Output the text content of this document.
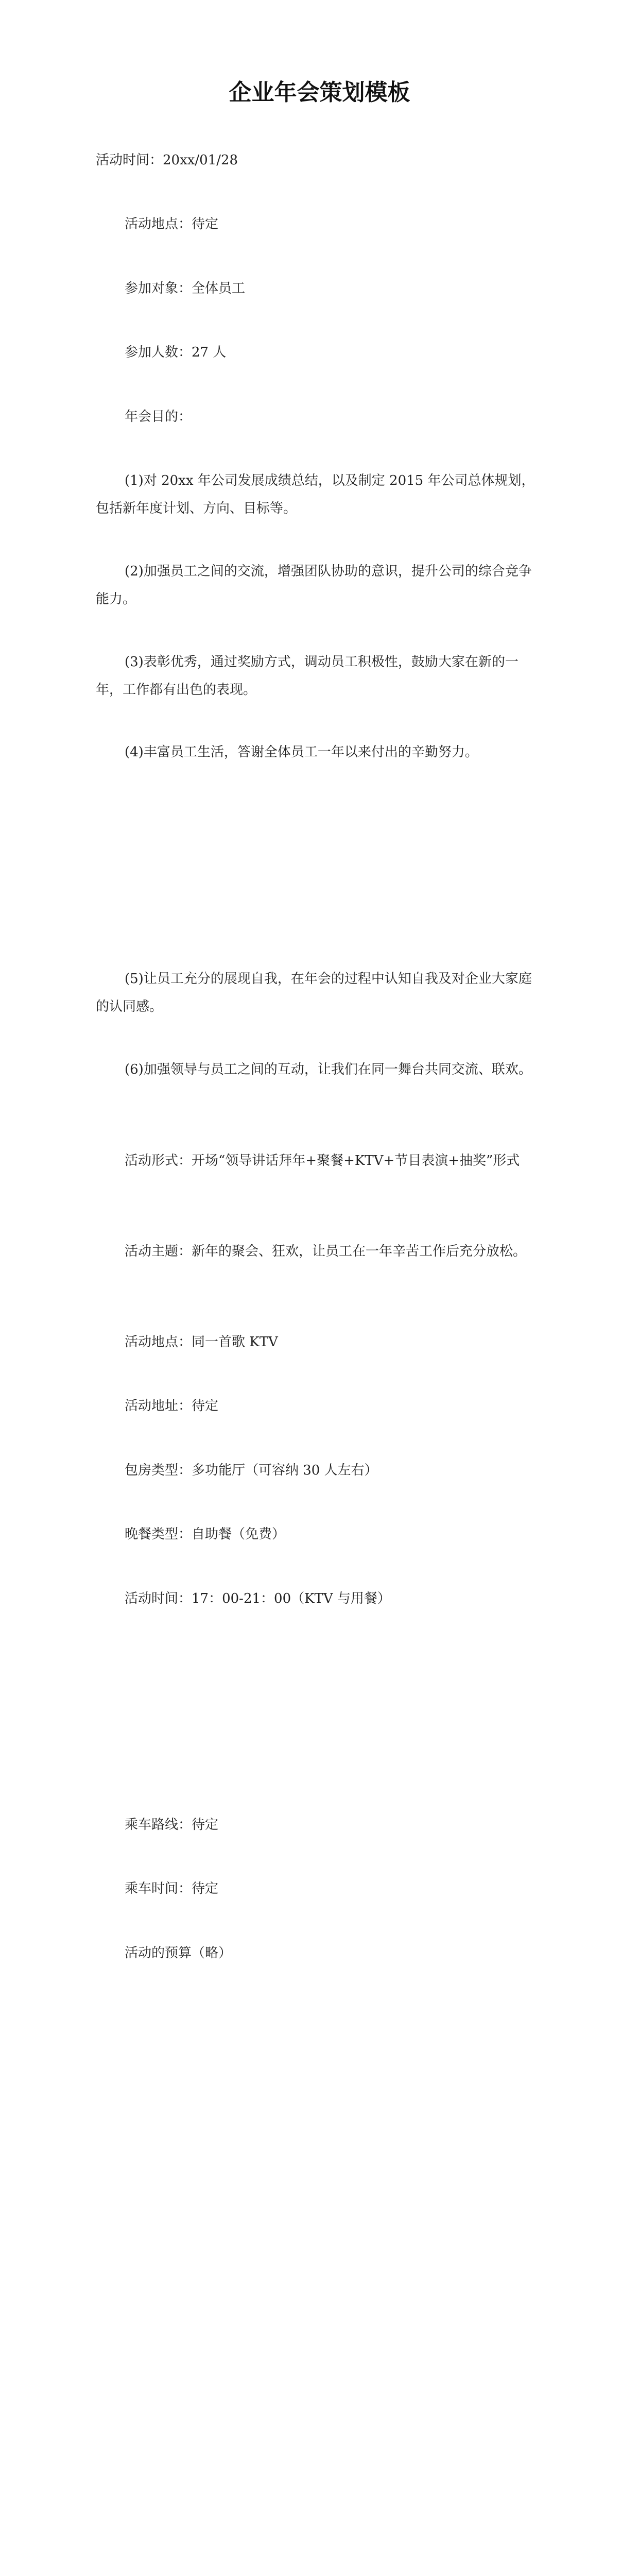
企业年会策划模板

活动时间：20xx/01/28

活动地点：待定

参加对象：全体员工

参加人数：27 人

年会目的：

(1)对 20xx 年公司发展成绩总结，以及制定 2015 年公司总体规划，包括新年度计划、方向、目标等。

(2)加强员工之间的交流，增强团队协助的意识，提升公司的综合竞争能力。

(3)表彰优秀，通过奖励方式，调动员工积极性，鼓励大家在新的一年，工作都有出色的表现。

(4)丰富员工生活，答谢全体员工一年以来付出的辛勤努力。

(5)让员工充分的展现自我，在年会的过程中认知自我及对企业大家庭的认同感。

(6)加强领导与员工之间的互动，让我们在同一舞台共同交流、联欢。

活动形式：开场“领导讲话拜年+聚餐+KTV+节目表演+抽奖”形式

活动主题：新年的聚会、狂欢，让员工在一年辛苦工作后充分放松。

活动地点：同一首歌 KTV

活动地址：待定

包房类型：多功能厅（可容纳 30 人左右）

晚餐类型：自助餐（免费）

活动时间：17：00-21：00（KTV 与用餐）

乘车路线：待定

乘车时间：待定

活动的预算（略）
